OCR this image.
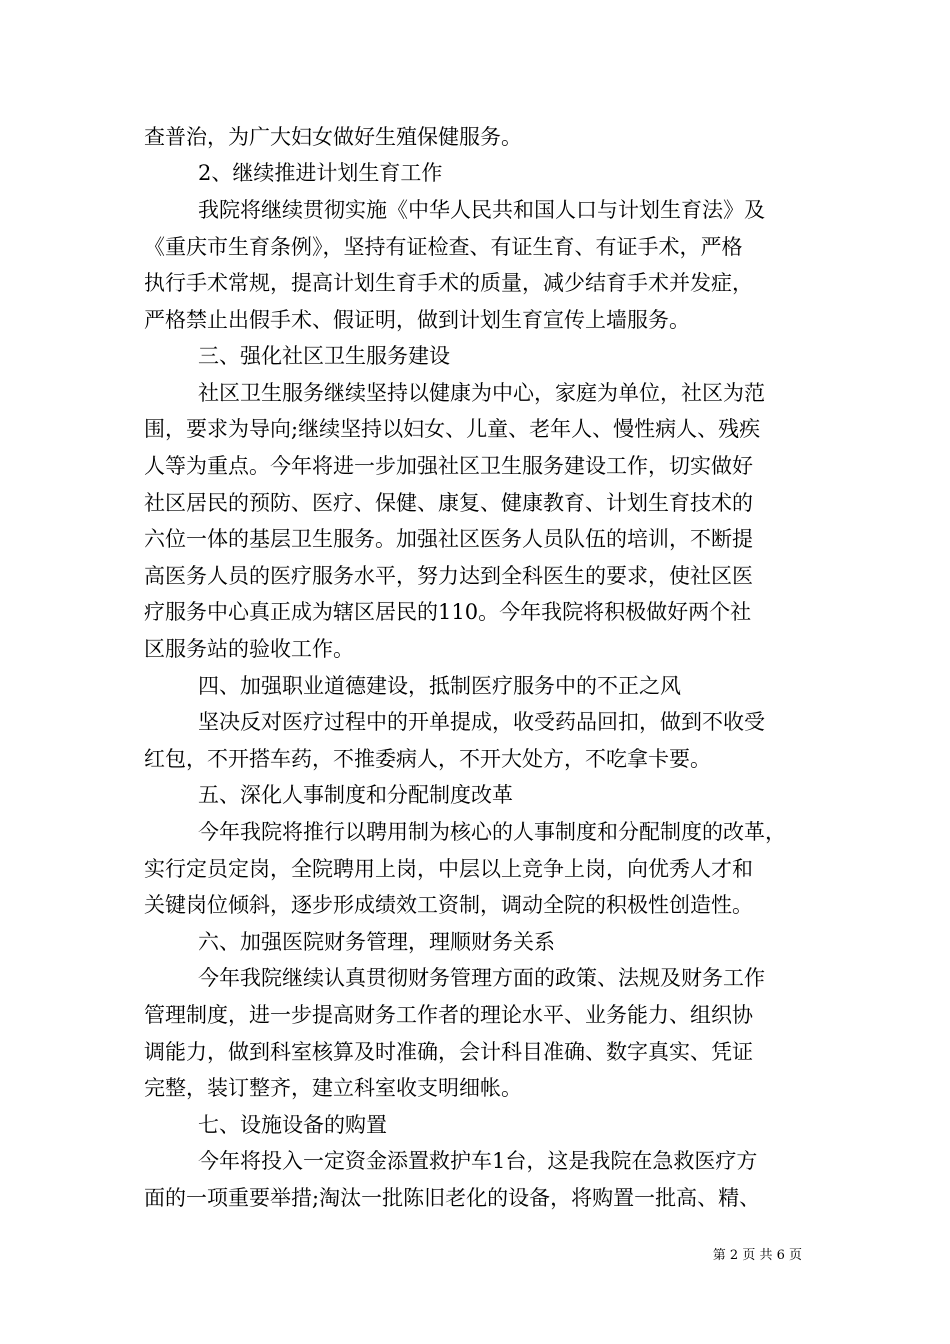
查普治，为广大妇女做好生殖保健服务。
2、继续推进计划生育工作
我院将继续贯彻实施《中华人民共和国人口与计划生育法》及
《重庆市生育条例》，坚持有证检查、有证生育、有证手术，严格
执行手术常规，提高计划生育手术的质量，减少结育手术并发症，
严格禁止出假手术、假证明，做到计划生育宣传上墙服务。
三、强化社区卫生服务建设
社区卫生服务继续坚持以健康为中心，家庭为单位，社区为范
围，要求为导向;继续坚持以妇女、儿童、老年人、慢性病人、残疾
人等为重点。今年将进一步加强社区卫生服务建设工作，切实做好
社区居民的预防、医疗、保健、康复、健康教育、计划生育技术的
六位一体的基层卫生服务。加强社区医务人员队伍的培训，不断提
高医务人员的医疗服务水平，努力达到全科医生的要求，使社区医
疗服务中心真正成为辖区居民的110。今年我院将积极做好两个社
区服务站的验收工作。
四、加强职业道德建设，抵制医疗服务中的不正之风
坚决反对医疗过程中的开单提成，收受药品回扣，做到不收受
红包，不开搭车药，不推委病人，不开大处方，不吃拿卡要。
五、深化人事制度和分配制度改革
今年我院将推行以聘用制为核心的人事制度和分配制度的改革，
实行定员定岗，全院聘用上岗，中层以上竞争上岗，向优秀人才和
关键岗位倾斜，逐步形成绩效工资制，调动全院的积极性创造性。
六、加强医院财务管理，理顺财务关系
今年我院继续认真贯彻财务管理方面的政策、法规及财务工作
管理制度，进一步提高财务工作者的理论水平、业务能力、组织协
调能力，做到科室核算及时准确，会计科目准确、数字真实、凭证
完整，装订整齐，建立科室收支明细帐。
七、设施设备的购置
今年将投入一定资金添置救护车1台，这是我院在急救医疗方
面的一项重要举措;淘汰一批陈旧老化的设备，将购置一批高、精、
第 2 页 共 6 页
